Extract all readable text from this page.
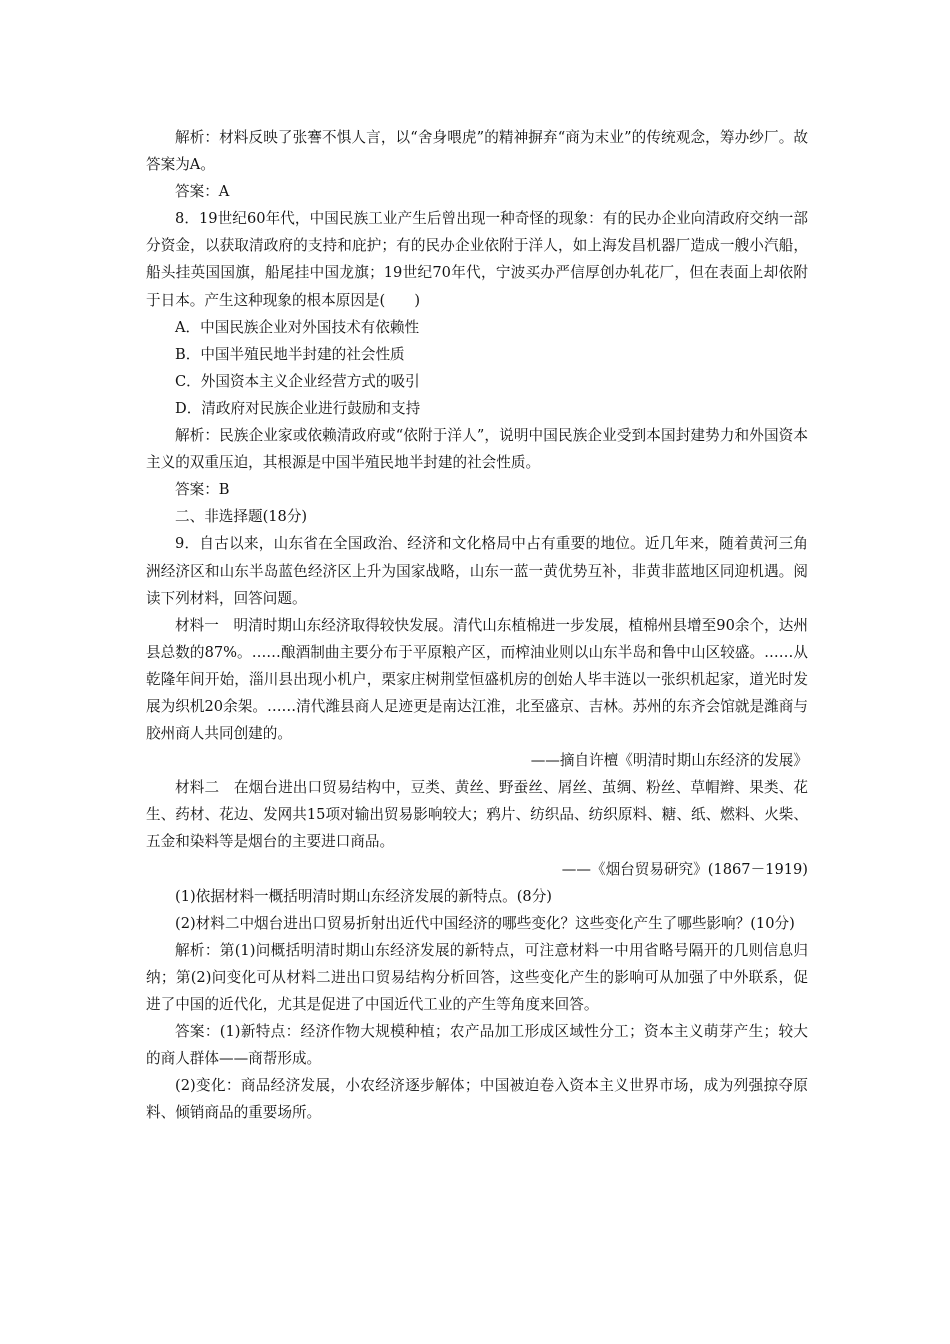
解析：材料反映了张謇不惧人言，以“舍身喂虎”的精神摒弃“商为末业”的传统观念，筹办纱厂。故答案为A。

答案：A

8．19世纪60年代，中国民族工业产生后曾出现一种奇怪的现象：有的民办企业向清政府交纳一部分资金，以获取清政府的支持和庇护；有的民办企业依附于洋人，如上海发昌机器厂造成一艘小汽船，船头挂英国国旗，船尾挂中国龙旗；19世纪70年代，宁波买办严信厚创办轧花厂，但在表面上却依附于日本。产生这种现象的根本原因是(　　)

A．中国民族企业对外国技术有依赖性

B．中国半殖民地半封建的社会性质

C．外国资本主义企业经营方式的吸引

D．清政府对民族企业进行鼓励和支持

解析：民族企业家或依赖清政府或“依附于洋人”，说明中国民族企业受到本国封建势力和外国资本主义的双重压迫，其根源是中国半殖民地半封建的社会性质。

答案：B

二、非选择题(18分)

9．自古以来，山东省在全国政治、经济和文化格局中占有重要的地位。近几年来，随着黄河三角洲经济区和山东半岛蓝色经济区上升为国家战略，山东一蓝一黄优势互补，非黄非蓝地区同迎机遇。阅读下列材料，回答问题。

材料一　明清时期山东经济取得较快发展。清代山东植棉进一步发展，植棉州县增至90余个，达州县总数的87%。……酿酒制曲主要分布于平原粮产区，而榨油业则以山东半岛和鲁中山区较盛。……从乾隆年间开始，淄川县出现小机户，栗家庄树荆堂恒盛机房的创始人毕丰涟以一张织机起家，道光时发展为织机20余架。……清代潍县商人足迹更是南达江淮，北至盛京、吉林。苏州的东齐会馆就是潍商与胶州商人共同创建的。

——摘自许檀《明清时期山东经济的发展》

材料二　在烟台进出口贸易结构中，豆类、黄丝、野蚕丝、屑丝、茧绸、粉丝、草帽辫、果类、花生、药材、花边、发网共15项对输出贸易影响较大；鸦片、纺织品、纺织原料、糖、纸、燃料、火柴、五金和染料等是烟台的主要进口商品。

——《烟台贸易研究》(1867－1919)

(1)依据材料一概括明清时期山东经济发展的新特点。(8分)

(2)材料二中烟台进出口贸易折射出近代中国经济的哪些变化？这些变化产生了哪些影响？(10分)

解析：第(1)问概括明清时期山东经济发展的新特点，可注意材料一中用省略号隔开的几则信息归纳；第(2)问变化可从材料二进出口贸易结构分析回答，这些变化产生的影响可从加强了中外联系，促进了中国的近代化，尤其是促进了中国近代工业的产生等角度来回答。

答案：(1)新特点：经济作物大规模种植；农产品加工形成区域性分工；资本主义萌芽产生；较大的商人群体——商帮形成。

(2)变化：商品经济发展，小农经济逐步解体；中国被迫卷入资本主义世界市场，成为列强掠夺原料、倾销商品的重要场所。
